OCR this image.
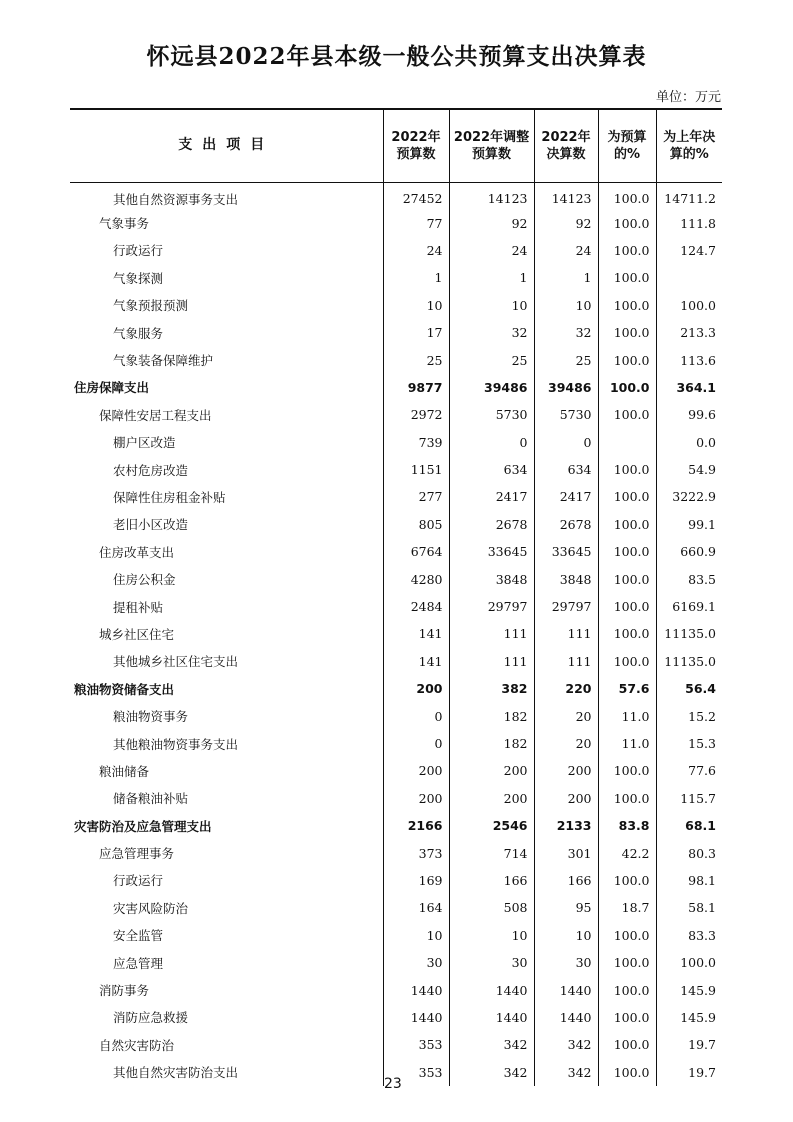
怀远县2022年县本级一般公共预算支出决算表
单位：万元
支出项目	2022年预算数	2022年调整预算数	2022年决算数	为预算的%	为上年决算的%
其他自然资源事务支出	27452	14123	14123	100.0	14711.2
气象事务	77	92	92	100.0	111.8
行政运行	24	24	24	100.0	124.7
气象探测	1	1	1	100.0	
气象预报预测	10	10	10	100.0	100.0
气象服务	17	32	32	100.0	213.3
气象装备保障维护	25	25	25	100.0	113.6
住房保障支出	9877	39486	39486	100.0	364.1
保障性安居工程支出	2972	5730	5730	100.0	99.6
棚户区改造	739	0	0		0.0
农村危房改造	1151	634	634	100.0	54.9
保障性住房租金补贴	277	2417	2417	100.0	3222.9
老旧小区改造	805	2678	2678	100.0	99.1
住房改革支出	6764	33645	33645	100.0	660.9
住房公积金	4280	3848	3848	100.0	83.5
提租补贴	2484	29797	29797	100.0	6169.1
城乡社区住宅	141	111	111	100.0	11135.0
其他城乡社区住宅支出	141	111	111	100.0	11135.0
粮油物资储备支出	200	382	220	57.6	56.4
粮油物资事务	0	182	20	11.0	15.2
其他粮油物资事务支出	0	182	20	11.0	15.3
粮油储备	200	200	200	100.0	77.6
储备粮油补贴	200	200	200	100.0	115.7
灾害防治及应急管理支出	2166	2546	2133	83.8	68.1
应急管理事务	373	714	301	42.2	80.3
行政运行	169	166	166	100.0	98.1
灾害风险防治	164	508	95	18.7	58.1
安全监管	10	10	10	100.0	83.3
应急管理	30	30	30	100.0	100.0
消防事务	1440	1440	1440	100.0	145.9
消防应急救援	1440	1440	1440	100.0	145.9
自然灾害防治	353	342	342	100.0	19.7
其他自然灾害防治支出	353	342	342	100.0	19.7
23
